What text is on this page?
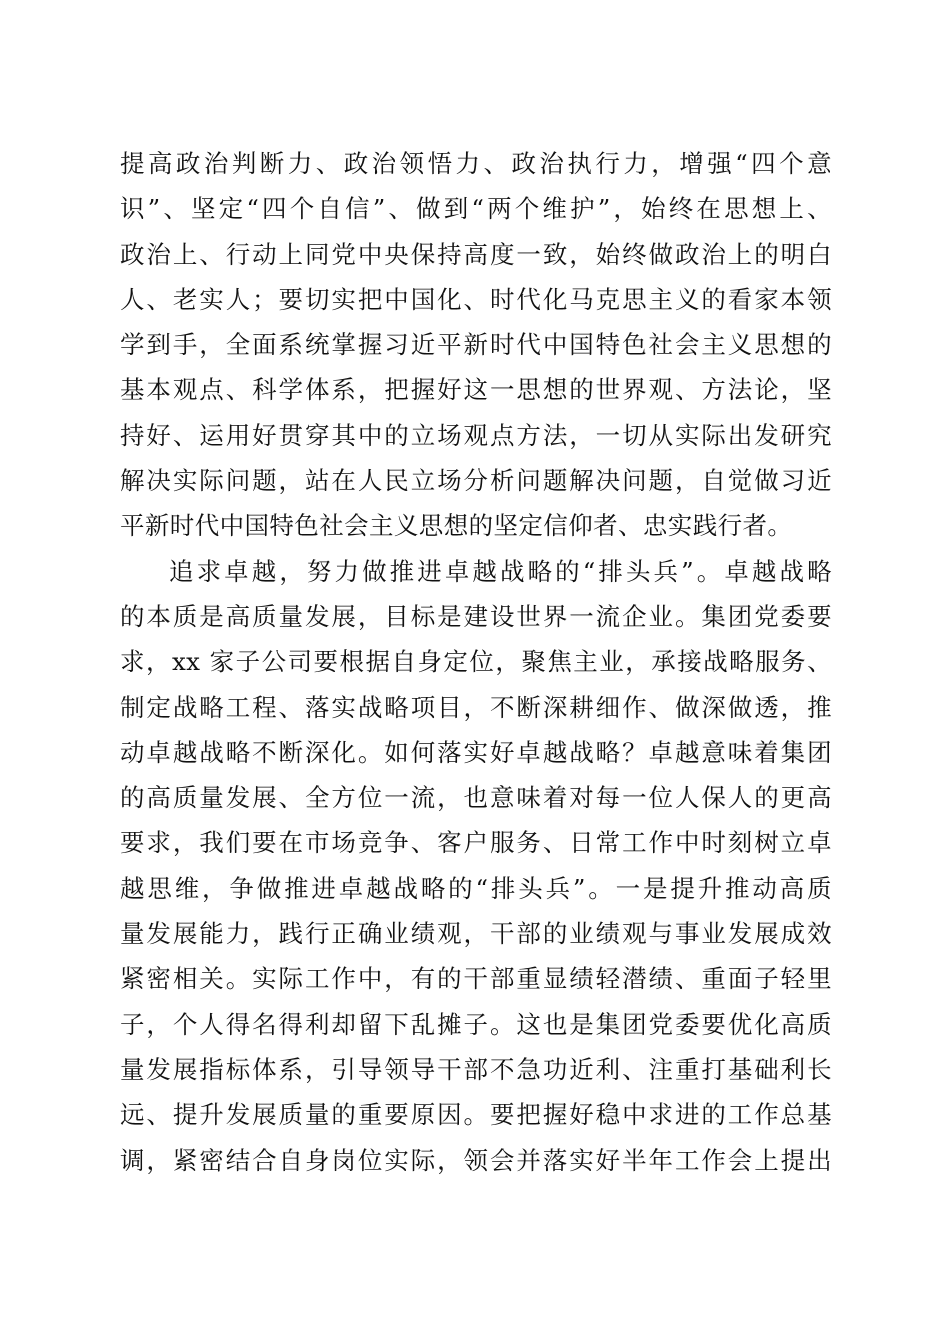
提高政治判断力、政治领悟力、政治执行力，增强“四个意
识”、坚定“四个自信”、做到“两个维护”，始终在思想上、
政治上、行动上同党中央保持高度一致，始终做政治上的明白
人、老实人；要切实把中国化、时代化马克思主义的看家本领
学到手，全面系统掌握习近平新时代中国特色社会主义思想的
基本观点、科学体系，把握好这一思想的世界观、方法论，坚
持好、运用好贯穿其中的立场观点方法，一切从实际出发研究
解决实际问题，站在人民立场分析问题解决问题，自觉做习近
平新时代中国特色社会主义思想的坚定信仰者、忠实践行者。
追求卓越，努力做推进卓越战略的“排头兵”。卓越战略
的本质是高质量发展，目标是建设世界一流企业。集团党委要
求，xx 家子公司要根据自身定位，聚焦主业，承接战略服务、
制定战略工程、落实战略项目，不断深耕细作、做深做透，推
动卓越战略不断深化。如何落实好卓越战略？卓越意味着集团
的高质量发展、全方位一流，也意味着对每一位人保人的更高
要求，我们要在市场竞争、客户服务、日常工作中时刻树立卓
越思维，争做推进卓越战略的“排头兵”。一是提升推动高质
量发展能力，践行正确业绩观，干部的业绩观与事业发展成效
紧密相关。实际工作中，有的干部重显绩轻潜绩、重面子轻里
子，个人得名得利却留下乱摊子。这也是集团党委要优化高质
量发展指标体系，引导领导干部不急功近利、注重打基础利长
远、提升发展质量的重要原因。要把握好稳中求进的工作总基
调，紧密结合自身岗位实际，领会并落实好半年工作会上提出
